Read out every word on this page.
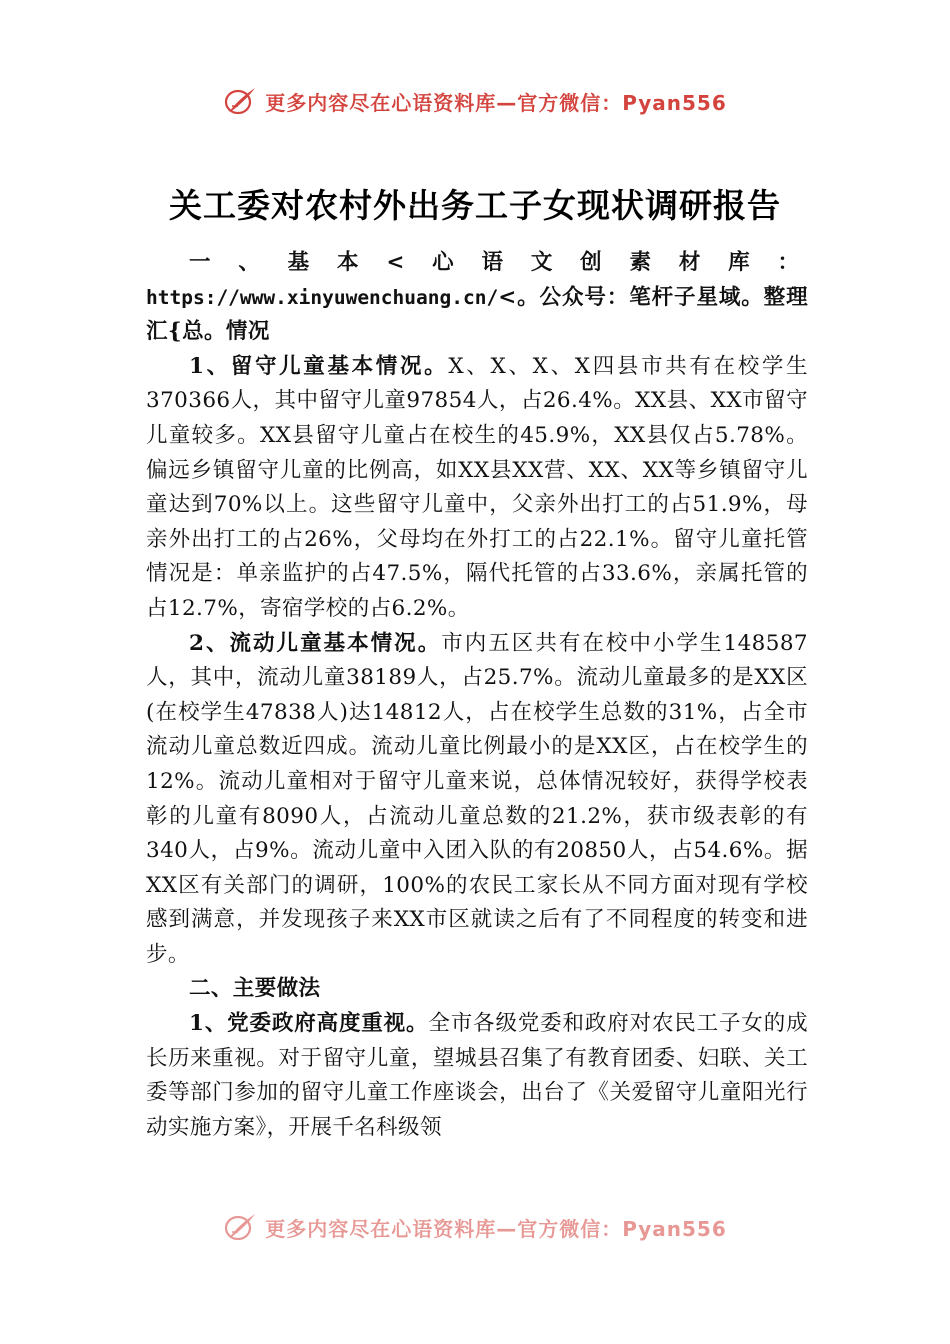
更多内容尽在心语资料库—官方微信：Pyan556
关工委对农村外出务工子女现状调研报告

一、基本<心语文创素材库：https://www.xinyuwenchuang.cn/<。公众号：笔杆子星域。整理汇{总。情况

1、留守儿童基本情况。X、X、X、X四县市共有在校学生370366人，其中留守儿童97854人，占26.4%。XX县、XX市留守儿童较多。XX县留守儿童占在校生的45.9%，XX县仅占5.78%。偏远乡镇留守儿童的比例高，如XX县XX营、XX、XX等乡镇留守儿童达到70%以上。这些留守儿童中，父亲外出打工的占51.9%，母亲外出打工的占26%，父母均在外打工的占22.1%。留守儿童托管情况是：单亲监护的占47.5%，隔代托管的占33.6%，亲属托管的占12.7%，寄宿学校的占6.2%。

2、流动儿童基本情况。市内五区共有在校中小学生148587人，其中，流动儿童38189人，占25.7%。流动儿童最多的是XX区(在校学生47838人)达14812人，占在校学生总数的31%，占全市流动儿童总数近四成。流动儿童比例最小的是XX区，占在校学生的12%。流动儿童相对于留守儿童来说，总体情况较好，获得学校表彰的儿童有8090人，占流动儿童总数的21.2%，获市级表彰的有340人，占9%。流动儿童中入团入队的有20850人，占54.6%。据XX区有关部门的调研，100%的农民工家长从不同方面对现有学校感到满意，并发现孩子来XX市区就读之后有了不同程度的转变和进步。

二、主要做法

1、党委政府高度重视。全市各级党委和政府对农民工子女的成长历来重视。对于留守儿童，望城县召集了有教育团委、妇联、关工委等部门参加的留守儿童工作座谈会，出台了《关爱留守儿童阳光行动实施方案》，开展千名科级领

更多内容尽在心语资料库—官方微信：Pyan556
